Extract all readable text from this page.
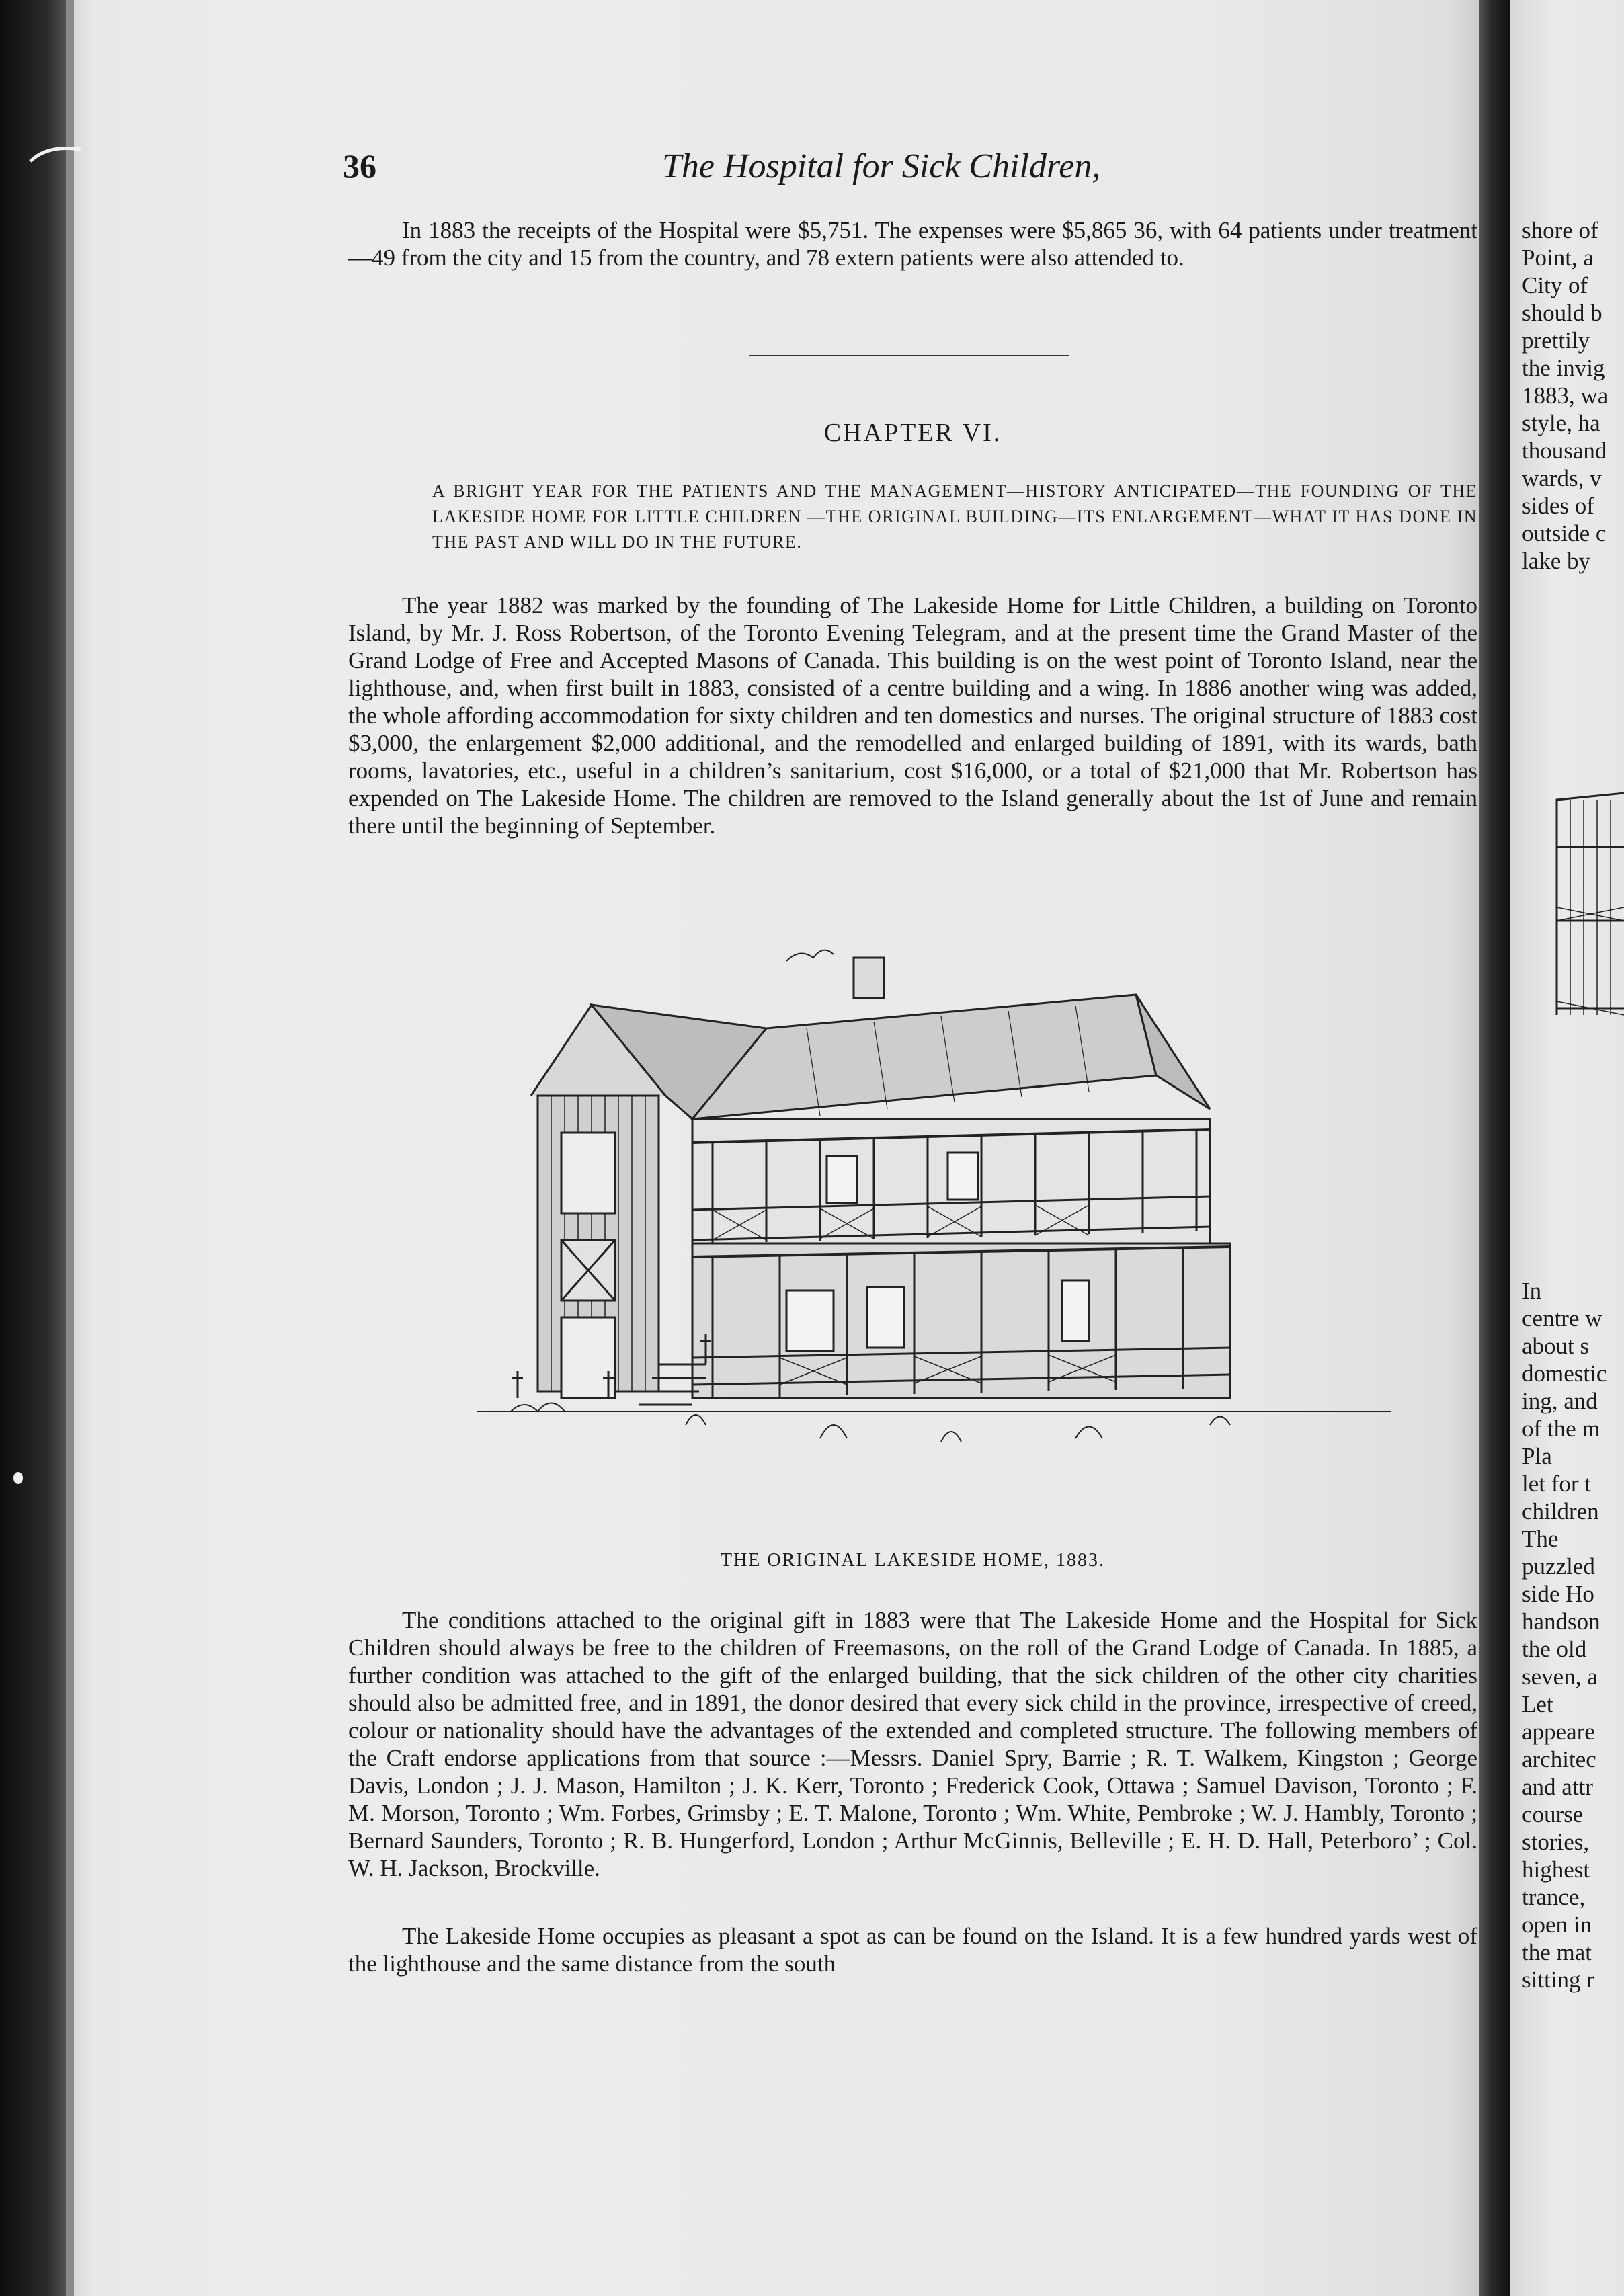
36	The Hospital for Sick Children,

In 1883 the receipts of the Hospital were $5,751. The expenses were $5,865 36, with 64 patients under treatment—49 from the city and 15 from the country, and 78 extern patients were also attended to.

CHAPTER VI.

A BRIGHT YEAR FOR THE PATIENTS AND THE MANAGEMENT—HISTORY ANTICIPATED—THE FOUNDING OF THE LAKESIDE HOME FOR LITTLE CHILDREN —THE ORIGINAL BUILDING—ITS ENLARGEMENT—WHAT IT HAS DONE IN THE PAST AND WILL DO IN THE FUTURE.

The year 1882 was marked by the founding of The Lakeside Home for Little Children, a building on Toronto Island, by Mr. J. Ross Robertson, of the Toronto Evening Telegram, and at the present time the Grand Master of the Grand Lodge of Free and Accepted Masons of Canada. This building is on the west point of Toronto Island, near the lighthouse, and, when first built in 1883, consisted of a centre building and a wing. In 1886 another wing was added, the whole affording accommodation for sixty children and ten domestics and nurses. The original structure of 1883 cost $3,000, the enlargement $2,000 additional, and the remodelled and enlarged building of 1891, with its wards, bath rooms, lavatories, etc., useful in a children’s sanitarium, cost $16,000, or a total of $21,000 that Mr. Robertson has expended on The Lakeside Home. The children are removed to the Island generally about the 1st of June and remain there until the beginning of September.

THE ORIGINAL LAKESIDE HOME, 1883.

The conditions attached to the original gift in 1883 were that The Lakeside Home and the Hospital for Sick Children should always be free to the children of Freemasons, on the roll of the Grand Lodge of Canada. In 1885, a further condition was attached to the gift of the enlarged building, that the sick children of the other city charities should also be admitted free, and in 1891, the donor desired that every sick child in the province, irrespective of creed, colour or nationality should have the advantages of the extended and completed structure. The following members of the Craft endorse applications from that source :—Messrs. Daniel Spry, Barrie ; R. T. Walkem, Kingston ; George Davis, London ; J. J. Mason, Hamilton ; J. K. Kerr, Toronto ; Frederick Cook, Ottawa ; Samuel Davison, Toronto ; F. M. Morson, Toronto ; Wm. Forbes, Grimsby ; E. T. Malone, Toronto ; Wm. White, Pembroke ; W. J. Hambly, Toronto ; Bernard Saunders, Toronto ; R. B. Hungerford, London ; Arthur McGinnis, Belleville ; E. H. D. Hall, Peterboro’ ; Col. W. H. Jackson, Brockville.

The Lakeside Home occupies as pleasant a spot as can be found on the Island. It is a few hundred yards west of the lighthouse and the same distance from the south

shore of
Point, a
City of
should b
prettily
the invig
1883, wa
style, ha
thousand
wards, v
sides of
outside c
lake by
In
centre w
about s
domestic
ing, and
of the m
Pla
let for t
children
The
puzzled
side Ho
handson
the old
seven, a
Let
appeare
architec
and attr
course
stories,
highest
trance,
open in
the mat
sitting r
